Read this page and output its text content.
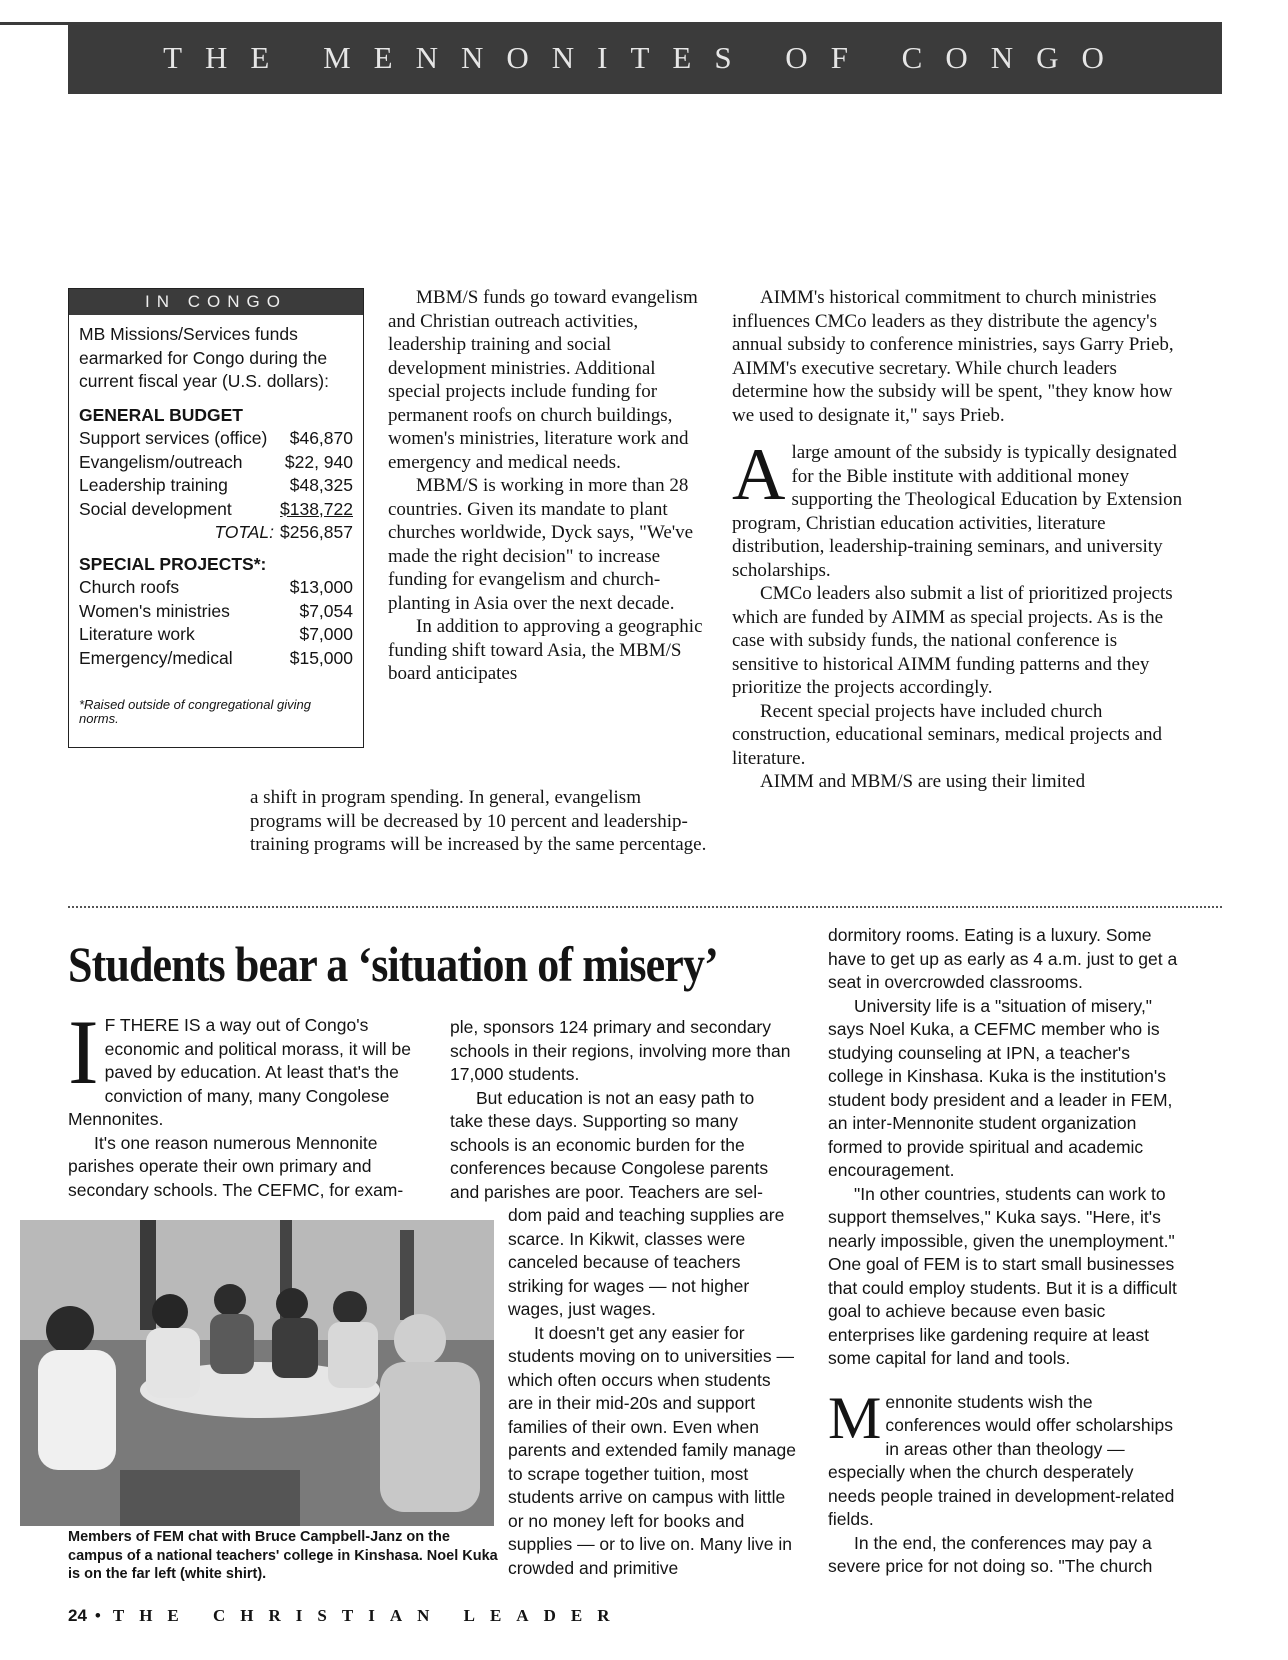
THE MENNONITES OF CONGO
IN CONGO

MB Missions/Services funds earmarked for Congo during the current fiscal year (U.S. dollars):

GENERAL BUDGET
Support services (office) $46,870
Evangelism/outreach $22, 940
Leadership training	$48,325
Social development	$138,722
TOTAL: $256,857
SPECIAL PROJECTS*:
Church roofs	$13,000
Women's ministries	$7,054
Literature work	$7,000
Emergency/medical	$15,000
*Raised outside of congregational giving norms.

MBM/S funds go toward evangelism and Christian outreach activities, leadership training and social development ministries. Additional special projects include funding for permanent roofs on church buildings, women's ministries, literature work and emergency and medical needs.

MBM/S is working in more than 28 countries. Given its mandate to plant churches worldwide, Dyck says, "We've made the right decision" to increase funding for evangelism and church-planting in Asia over the next decade.

In addition to approving a geographic funding shift toward Asia, the MBM/S board anticipates

a shift in program spending. In general, evangelism programs will be decreased by 10 percent and leadership-training programs will be increased by the same percentage.

AIMM's historical commitment to church ministries influences CMCo leaders as they distribute the agency's annual subsidy to conference ministries, says Garry Prieb, AIMM's executive secretary. While church leaders determine how the subsidy will be spent, "they know how we used to designate it," says Prieb.

Alarge amount of the subsidy is typically designated for the Bible institute with additional money supporting the Theological Education by Extension program, Christian education activities, literature distribution, leadership-training seminars, and university scholarships.

CMCo leaders also submit a list of prioritized projects which are funded by AIMM as special projects. As is the case with subsidy funds, the national conference is sensitive to historical AIMM funding patterns and they prioritize the projects accordingly.

Recent special projects have included church construction, educational seminars, medical projects and literature.

AIMM and MBM/S are using their limited

Students bear a ‘situation of misery’

I F THERE IS a way out of Congo's economic and political morass, it will be paved by education. At least that's the conviction of many, many Congolese Mennonites.

It's one reason numerous Mennonite parishes operate their own primary and secondary schools. The CEFMC, for exam-

ple, sponsors 124 primary and secondary schools in their regions, involving more than 17,000 students.

But education is not an easy path to take these days. Supporting so many schools is an economic burden for the conferences because Congolese parents and parishes are poor. Teachers are sel-

dom paid and teaching supplies are scarce. In Kikwit, classes were canceled because of teachers striking for wages — not higher wages, just wages.

It doesn't get any easier for students moving on to universities — which often occurs when students are in their mid-20s and support families of their own. Even when parents and extended family manage to scrape together tuition, most students arrive on campus with little or no money left for books and supplies — or to live on. Many live in crowded and primitive

dormitory rooms. Eating is a luxury. Some have to get up as early as 4 a.m. just to get a seat in overcrowded classrooms.

University life is a "situation of misery," says Noel Kuka, a CEFMC member who is studying counseling at IPN, a teacher's college in Kinshasa. Kuka is the institution's student body president and a leader in FEM, an inter-Mennonite student organization formed to provide spiritual and academic encouragement.

"In other countries, students can work to support themselves," Kuka says. "Here, it's nearly impossible, given the unemployment." One goal of FEM is to start small businesses that could employ students. But it is a difficult goal to achieve because even basic enterprises like gardening require at least some capital for land and tools.

Mennonite students wish the conferences would offer scholarships in areas other than theology — especially when the church desperately needs people trained in development-related fields.

In the end, the conferences may pay a severe price for not doing so. "The church

Members of FEM chat with Bruce Campbell-Janz on the campus of a national teachers' college in Kinshasa. Noel Kuka is on the far left (white shirt).
24 • THE CHRISTIAN LEADER
